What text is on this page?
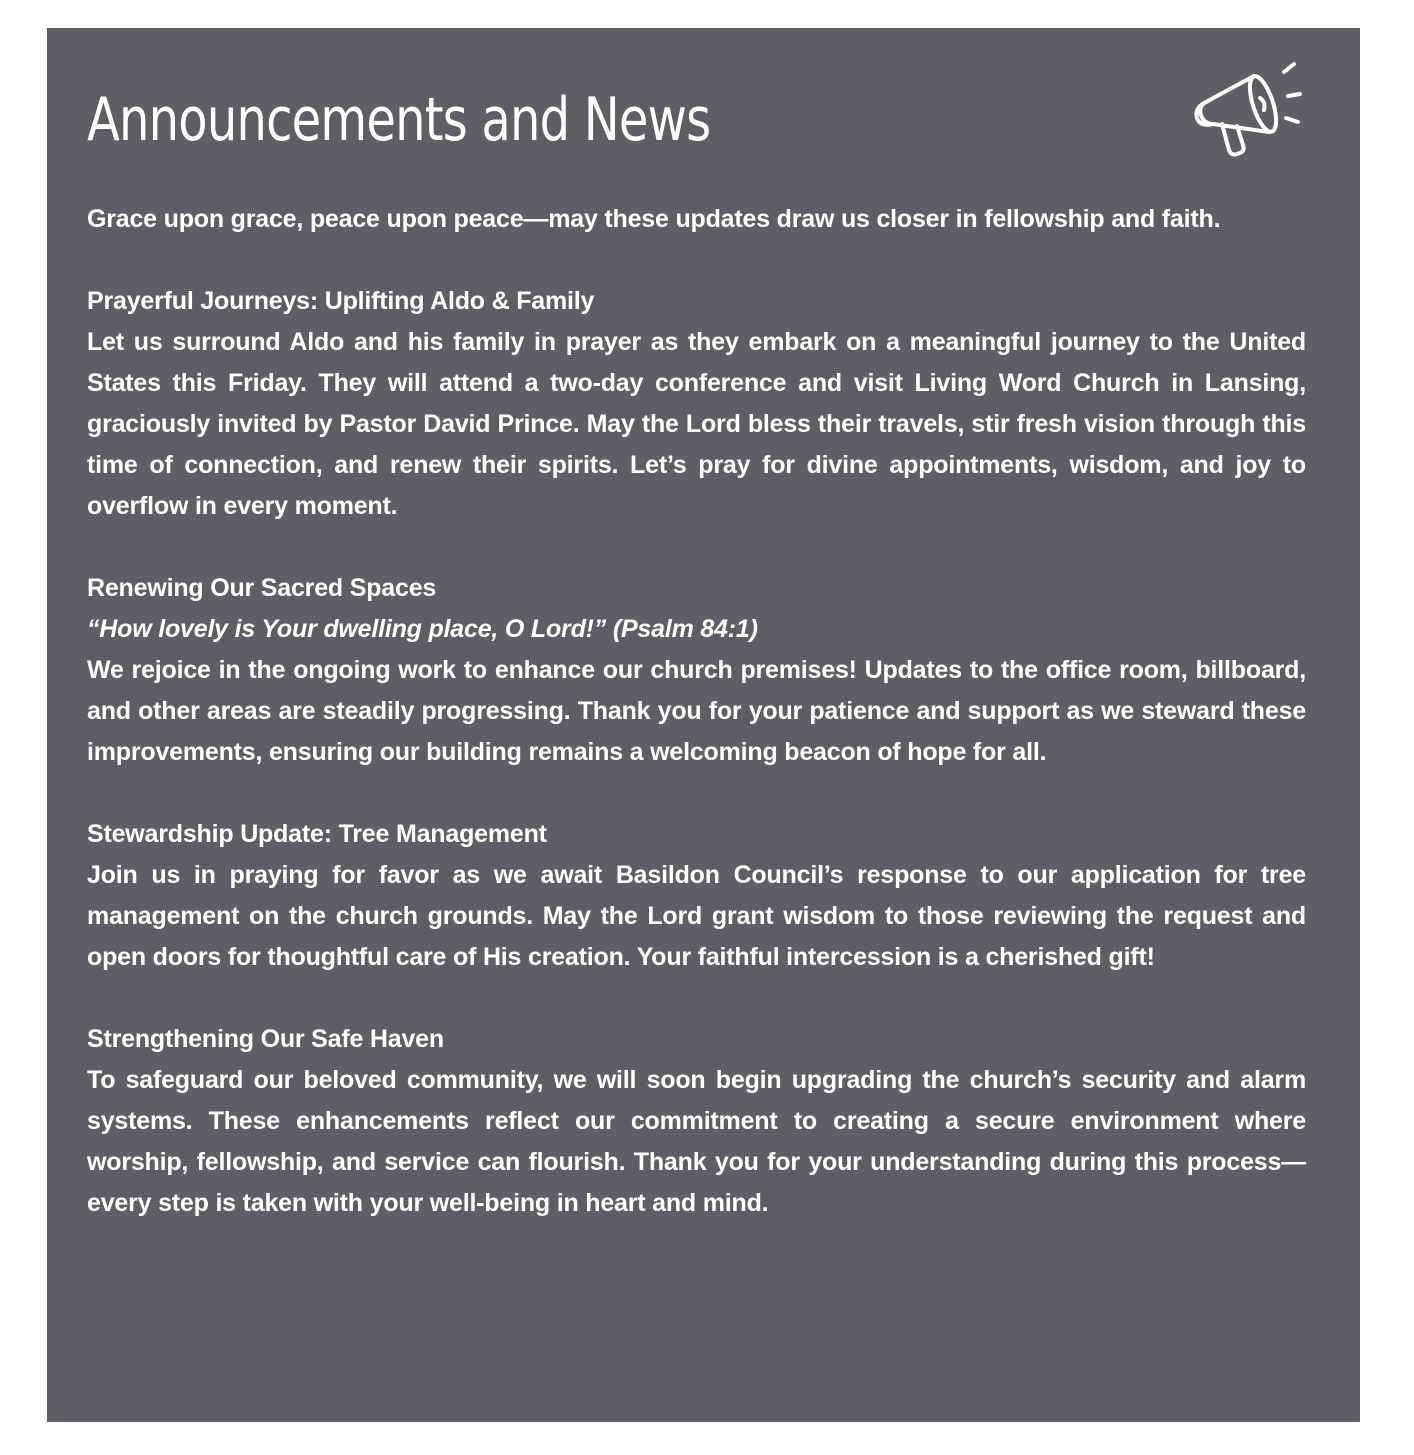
Announcements and News

Grace upon grace, peace upon peace—may these updates draw us closer in fellowship and faith.

Prayerful Journeys: Uplifting Aldo & Family

Let us surround Aldo and his family in prayer as they embark on a meaningful journey to the United States this Friday. They will attend a two-day conference and visit Living Word Church in Lansing, graciously invited by Pastor David Prince. May the Lord bless their travels, stir fresh vision through this time of connection, and renew their spirits. Let’s pray for divine appointments, wisdom, and joy to overflow in every moment.

Renewing Our Sacred Spaces
“How lovely is Your dwelling place, O Lord!” (Psalm 84:1)

We rejoice in the ongoing work to enhance our church premises! Updates to the office room, billboard, and other areas are steadily progressing. Thank you for your patience and support as we steward these improvements, ensuring our building remains a welcoming beacon of hope for all.

Stewardship Update: Tree Management

Join us in praying for favor as we await Basildon Council’s response to our application for tree management on the church grounds. May the Lord grant wisdom to those reviewing the request and open doors for thoughtful care of His creation. Your faithful intercession is a cherished gift!

Strengthening Our Safe Haven

To safeguard our beloved community, we will soon begin upgrading the church’s security and alarm systems. These enhancements reflect our commitment to creating a secure environment where worship, fellowship, and service can flourish. Thank you for your understanding during this process—every step is taken with your well-being in heart and mind.
